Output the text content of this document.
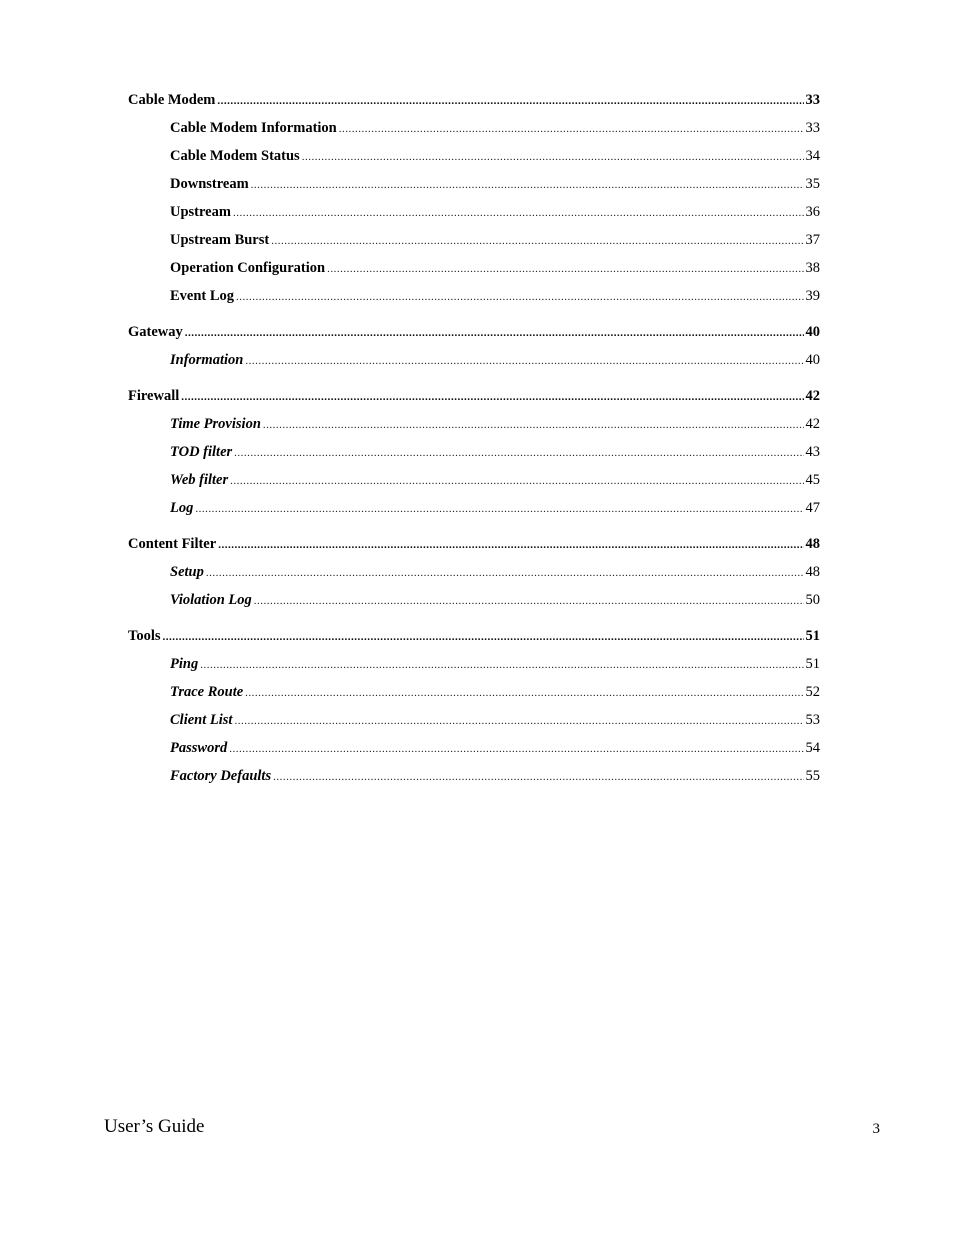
Cable Modem .....	33
Cable Modem Information .....	33
Cable Modem Status .....	34
Downstream .....	35
Upstream .....	36
Upstream Burst .....	37
Operation Configuration .....	38
Event Log .....	39
Gateway .....	40
Information .....	40
Firewall .....	42
Time Provision .....	42
TOD filter .....	43
Web filter .....	45
Log .....	47
Content Filter .....	48
Setup .....	48
Violation Log .....	50
Tools .....	51
Ping .....	51
Trace Route .....	52
Client List .....	53
Password .....	54
Factory Defaults .....	55
User’s Guide	3
